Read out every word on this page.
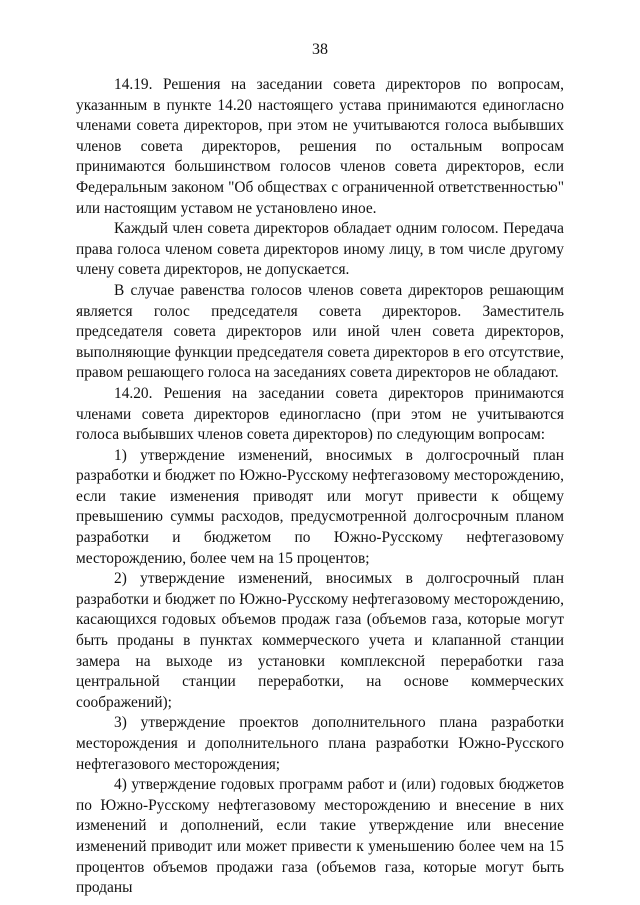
38

14.19. Решения на заседании совета директоров по вопросам, указанным в пункте 14.20 настоящего устава принимаются единогласно членами совета директоров, при этом не учитываются голоса выбывших членов совета директоров, решения по остальным вопросам принимаются большинством голосов членов совета директоров, если Федеральным законом "Об обществах с ограниченной ответственностью" или настоящим уставом не установлено иное.

Каждый член совета директоров обладает одним голосом. Передача права голоса членом совета директоров иному лицу, в том числе другому члену совета директоров, не допускается.

В случае равенства голосов членов совета директоров решающим является голос председателя совета директоров. Заместитель председателя совета директоров или иной член совета директоров, выполняющие функции председателя совета директоров в его отсутствие, правом решающего голоса на заседаниях совета директоров не обладают.

14.20. Решения на заседании совета директоров принимаются членами совета директоров единогласно (при этом не учитываются голоса выбывших членов совета директоров) по следующим вопросам:

1) утверждение изменений, вносимых в долгосрочный план разработки и бюджет по Южно-Русскому нефтегазовому месторождению, если такие изменения приводят или могут привести к общему превышению суммы расходов, предусмотренной долгосрочным планом разработки и бюджетом по Южно-Русскому нефтегазовому месторождению, более чем на 15 процентов;

2) утверждение изменений, вносимых в долгосрочный план разработки и бюджет по Южно-Русскому нефтегазовому месторождению, касающихся годовых объемов продаж газа (объемов газа, которые могут быть проданы в пунктах коммерческого учета и клапанной станции замера на выходе из установки комплексной переработки газа центральной станции переработки, на основе коммерческих соображений);

3) утверждение проектов дополнительного плана разработки месторождения и дополнительного плана разработки Южно-Русского нефтегазового месторождения;

4) утверждение годовых программ работ и (или) годовых бюджетов по Южно-Русскому нефтегазовому месторождению и внесение в них изменений и дополнений, если такие утверждение или внесение изменений приводит или может привести к уменьшению более чем на 15 процентов объемов продажи газа (объемов газа, которые могут быть проданы
